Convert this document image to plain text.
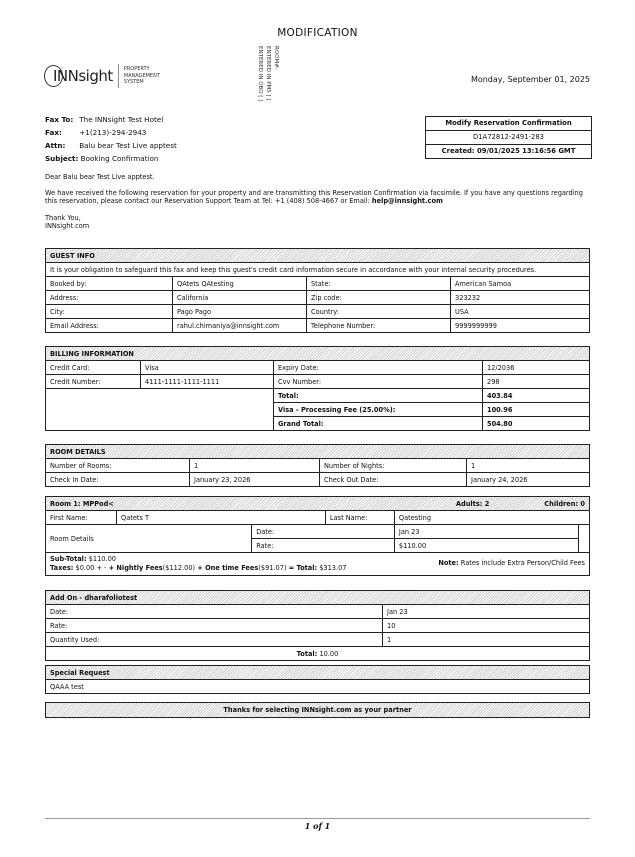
MODIFICATION
INNsight PROPERTY
MANAGEMENT
SYSTEM
ROOM#:
ENTERED IN PMS [ ]
ENTERED IN OBO [ ]	Monday, September 01, 2025
Fax To:	The INNsight Test Hotel
Fax:	+1(213)-294-2943
Attn:	Balu bear Test Live apptest
Subject: Booking Confirmation	
Modify Reservation Confirmation
D1A72812-2491-283
Created: 09/01/2025 13:16:56 GMT
Dear Balu bear Test Live apptest.
We have received the following reservation for your property and are transmitting this Reservation Confirmation via facsimile. If you have any questions regarding this reservation, please contact our Reservation Support Team at Tel: +1 (408) 508-4667 or Email: help@innsight.com
Thank You,
INNsight.com
GUEST INFO			
It is your obligation to safeguard this fax and keep this guest's credit card information secure in accordance with your internal security procedures.			
Booked by:	QAtets QAtesting	State:	American Samoa
Address:	California	Zip code:	323232
City:	Pago Pago	Country:	USA
Email Address:	rahul.chimaniya@innsight.com	Telephone Number:	9999999999
BILLING INFORMATION			
Credit Card:	Visa	Expiry Date:	12/2036
Credit Number:	4111-1111-1111-1111	Cvv Number:	298
		Total:	403.84
		Visa - Processing Fee (25.00%):	100.96
		Grand Total:	504.80
ROOM DETAILS			
Number of Rooms:	1	Number of Nights:	1
Check In Date:	January 23, 2026	Check Out Date:	January 24, 2026
Room 1: MPPod< Children: 0
Adults: 2					

First Name:	Qatets T		Last Name:	Qatesting	
Room Details		Date:		Jan 23	
		Rate:		$110.00	

Note: Rates include Extra Person/Child Fees
Sub-Total: $110.00
Taxes: $0.00 + - + Nightly Fees($112.00) + One time Fees($91.07) = Total: $313.07					
Add On - dharafoliotest	
Date:	Jan 23
Rate:	10
Quantity Used:	1
Total: 10.00	
Special Request
QAAA test
Thanks for selecting INNsight.com as your partner
1 of 1
